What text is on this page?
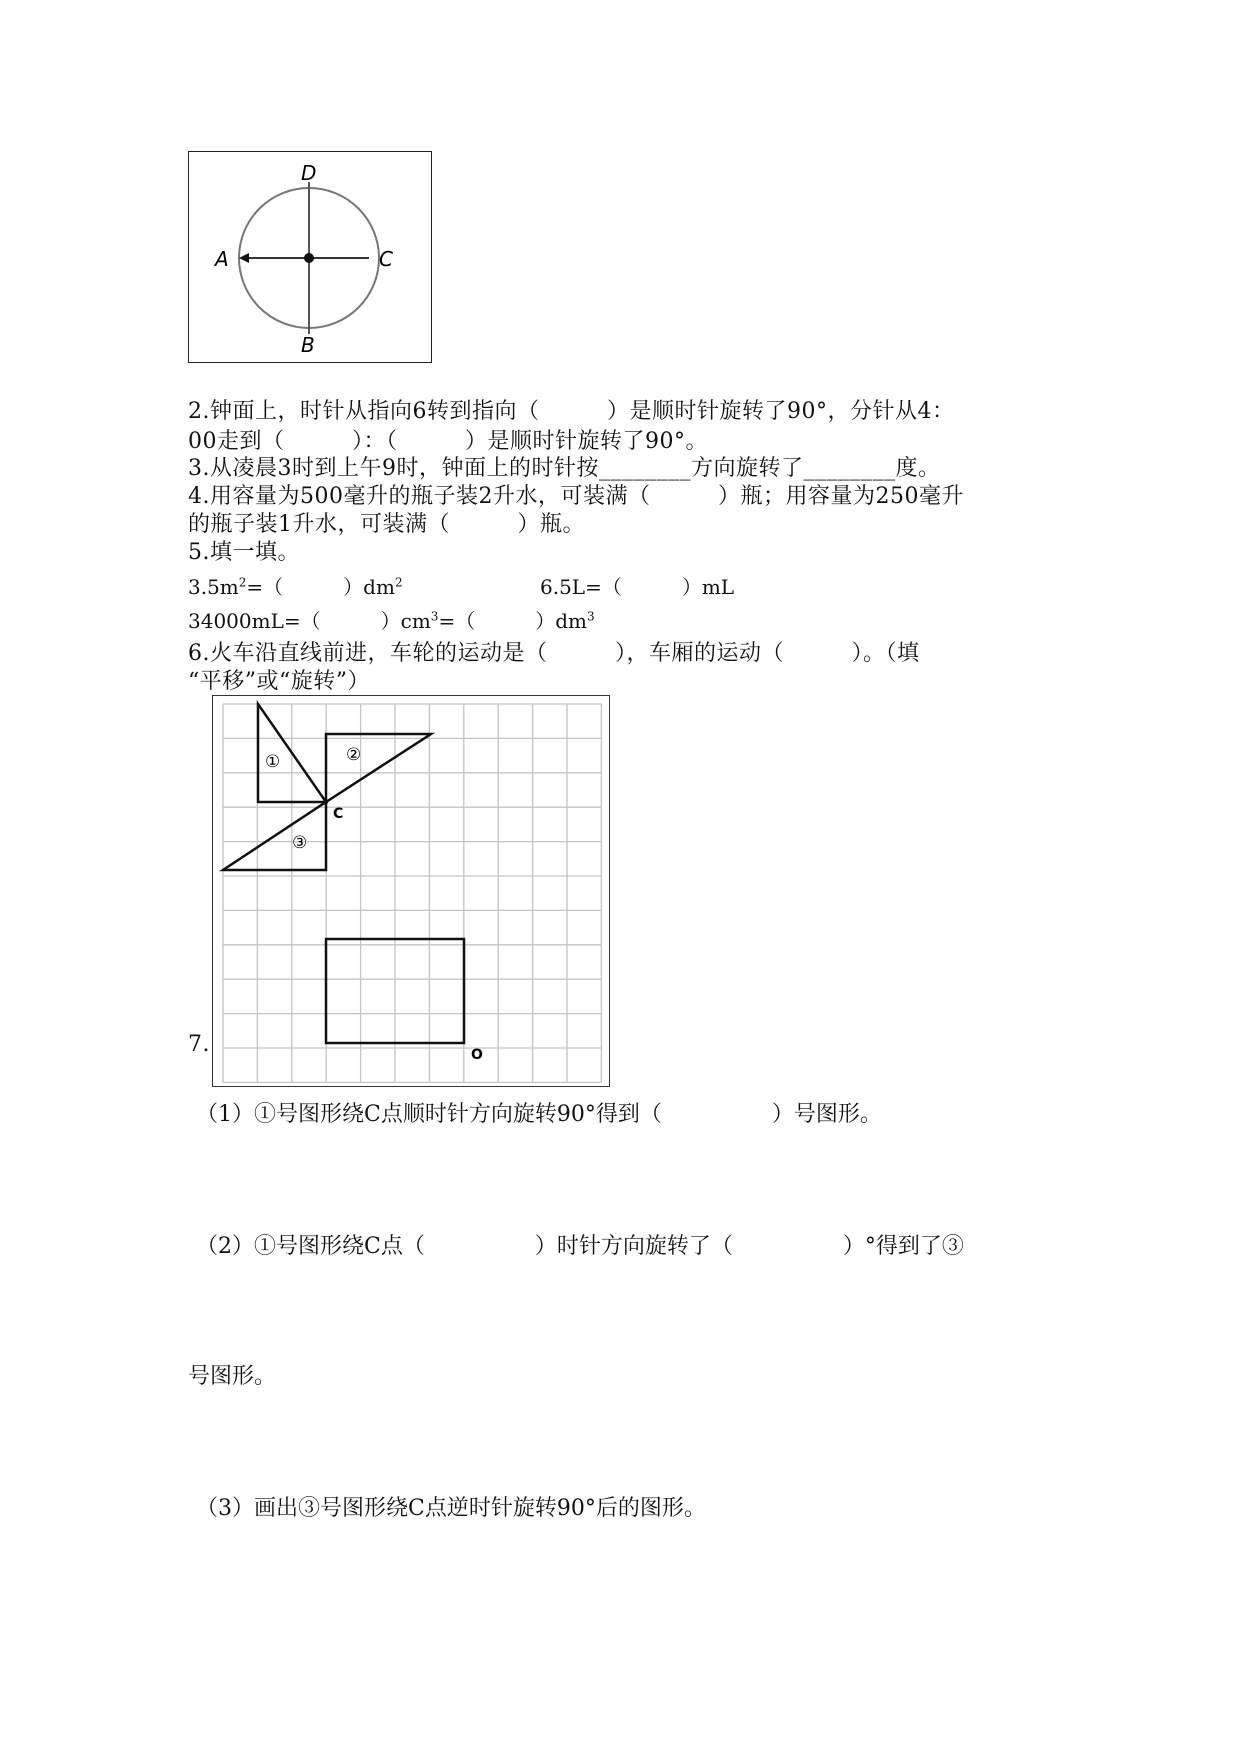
D
A	C
B
2.钟面上，时针从指向6转到指向（　　　）是顺时针旋转了90°，分针从4：
00走到（　　　）：（　　　）是顺时针旋转了90°。
3.从凌晨3时到上午9时，钟面上的时针按________方向旋转了________度。
4.用容量为500毫升的瓶子装2升水，可装满（　　　）瓶；用容量为250毫升
的瓶子装1升水，可装满（　　　）瓶。
5.填一填。
$3.5m^2=$（　　　）$dm^2$	6.5L=（　　　）mL
34000mL=（　　　）$cm^3=$（　　　）$dm^3$
6.火车沿直线前进，车轮的运动是（　　　），车厢的运动（　　　）。（填
“平移”或“旋转”）
7.
①	②
③
C
O
（1）①号图形绕C点顺时针方向旋转90°得到（　　　　　）号图形。
（2）①号图形绕C点（　　　　　）时针方向旋转了（　　　　　）°得到了③
号图形。
（3）画出③号图形绕C点逆时针旋转90°后的图形。
